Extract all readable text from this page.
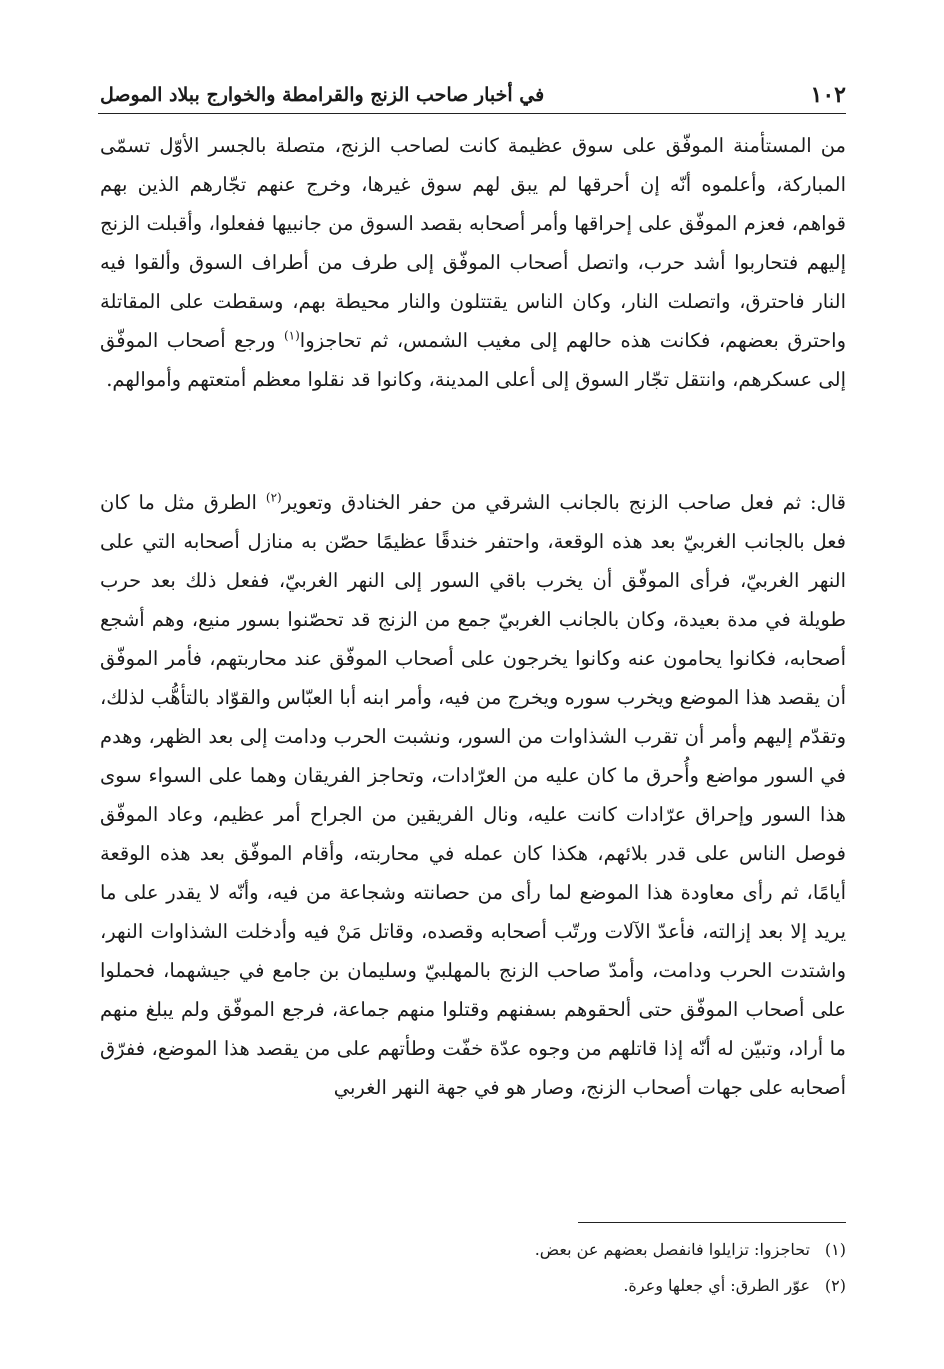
١٠٢
في أخبار صاحب الزنج والقرامطة والخوارج ببلاد الموصل

من المستأمنة الموفّق على سوق عظيمة كانت لصاحب الزنج، متصلة بالجسر الأوّل تسمّى المباركة، وأعلموه أنّه إن أحرقها لم يبق لهم سوق غيرها، وخرج عنهم تجّارهم الذين بهم قواهم، فعزم الموفّق على إحراقها وأمر أصحابه بقصد السوق من جانبيها ففعلوا، وأقبلت الزنج إليهم فتحاربوا أشد حرب، واتصل أصحاب الموفّق إلى طرف من أطراف السوق وألقوا فيه النار فاحترق، واتصلت النار، وكان الناس يقتتلون والنار محيطة بهم، وسقطت على المقاتلة واحترق بعضهم، فكانت هذه حالهم إلى مغيب الشمس، ثم تحاجزوا$^{(١)}$ ورجع أصحاب الموفّق إلى عسكرهم، وانتقل تجّار السوق إلى أعلى المدينة، وكانوا قد نقلوا معظم أمتعتهم وأموالهم.

قال: ثم فعل صاحب الزنج بالجانب الشرقي من حفر الخنادق وتعوير$^{(٢)}$ الطرق مثل ما كان فعل بالجانب الغربيّ بعد هذه الوقعة، واحتفر خندقًا عظيمًا حصّن به منازل أصحابه التي على النهر الغربيّ، فرأى الموفّق أن يخرب باقي السور إلى النهر الغربيّ، ففعل ذلك بعد حرب طويلة في مدة بعيدة، وكان بالجانب الغربيّ جمع من الزنج قد تحصّنوا بسور منيع، وهم أشجع أصحابه، فكانوا يحامون عنه وكانوا يخرجون على أصحاب الموفّق عند محاربتهم، فأمر الموفّق أن يقصد هذا الموضع ويخرب سوره ويخرج من فيه، وأمر ابنه أبا العبّاس والقوّاد بالتأهُّب لذلك، وتقدّم إليهم وأمر أن تقرب الشذاوات من السور، ونشبت الحرب ودامت إلى بعد الظهر، وهدم في السور مواضع وأُحرق ما كان عليه من العرّادات، وتحاجز الفريقان وهما على السواء سوى هذا السور وإحراق عرّادات كانت عليه، ونال الفريقين من الجراح أمر عظيم، وعاد الموفّق فوصل الناس على قدر بلائهم، هكذا كان عمله في محاربته، وأقام الموفّق بعد هذه الوقعة أيامًا، ثم رأى معاودة هذا الموضع لما رأى من حصانته وشجاعة من فيه، وأنّه لا يقدر على ما يريد إلا بعد إزالته، فأعدّ الآلات ورتّب أصحابه وقصده، وقاتل مَنْ فيه وأدخلت الشذاوات النهر، واشتدت الحرب ودامت، وأمدّ صاحب الزنج بالمهلبيّ وسليمان بن جامع في جيشهما، فحملوا على أصحاب الموفّق حتى ألحقوهم بسفنهم وقتلوا منهم جماعة، فرجع الموفّق ولم يبلغ منهم ما أراد، وتبيّن له أنّه إذا قاتلهم من وجوه عدّة خفّت وطأتهم على من يقصد هذا الموضع، ففرّق أصحابه على جهات أصحاب الزنج، وصار هو في جهة النهر الغربي

(١)
تحاجزوا: تزايلوا فانفصل بعضهم عن بعض.
(٢)
عوّر الطرق: أي جعلها وعرة.
